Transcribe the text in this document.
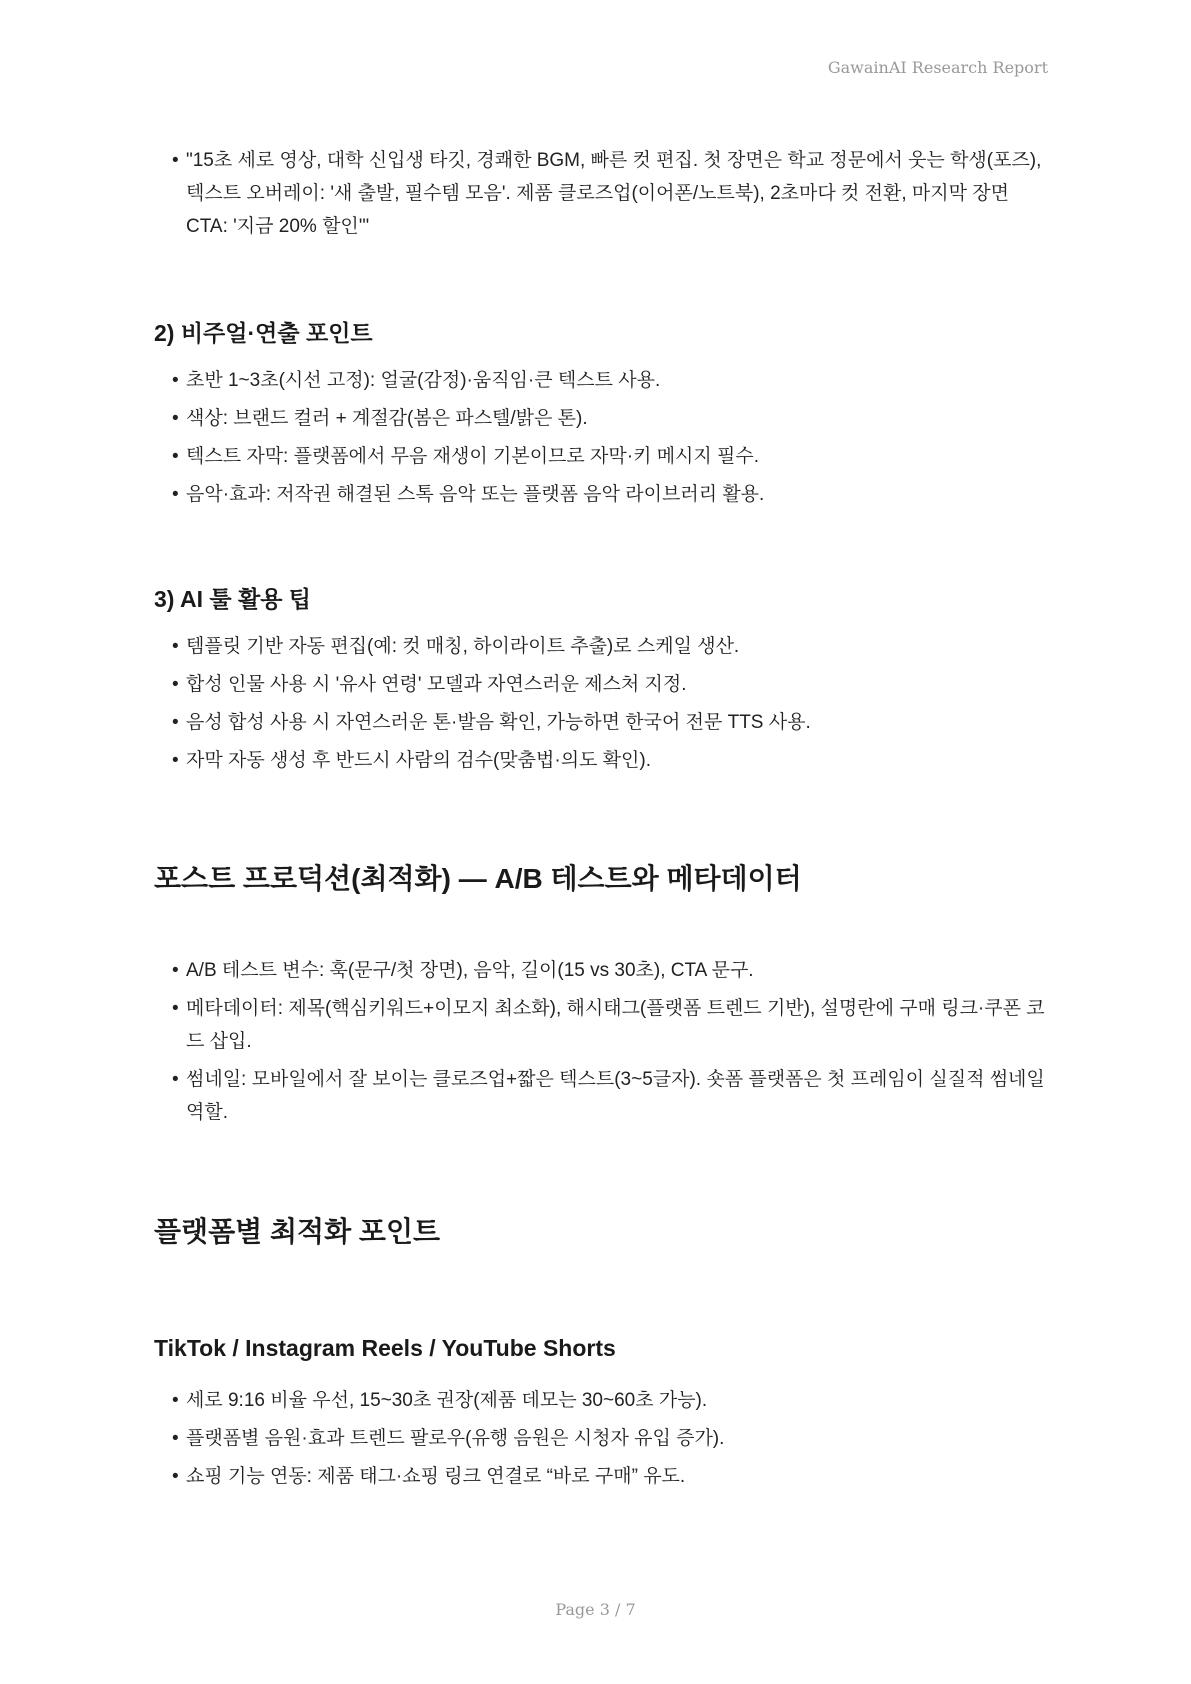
GawainAI Research Report
• "15초 세로 영상, 대학 신입생 타깃, 경쾌한 BGM, 빠른 컷 편집. 첫 장면은 학교 정문에서 웃는 학생(포즈), 텍스트 오버레이: '새 출발, 필수템 모음'. 제품 클로즈업(이어폰/노트북), 2초마다 컷 전환, 마지막 장면 CTA: '지금 20% 할인'"
2) 비주얼·연출 포인트
• 초반 1~3초(시선 고정): 얼굴(감정)·움직임·큰 텍스트 사용.
• 색상: 브랜드 컬러 + 계절감(봄은 파스텔/밝은 톤).
• 텍스트 자막: 플랫폼에서 무음 재생이 기본이므로 자막·키 메시지 필수.
• 음악·효과: 저작권 해결된 스톡 음악 또는 플랫폼 음악 라이브러리 활용.
3) AI 툴 활용 팁
• 템플릿 기반 자동 편집(예: 컷 매칭, 하이라이트 추출)로 스케일 생산.
• 합성 인물 사용 시 '유사 연령' 모델과 자연스러운 제스처 지정.
• 음성 합성 사용 시 자연스러운 톤·발음 확인, 가능하면 한국어 전문 TTS 사용.
• 자막 자동 생성 후 반드시 사람의 검수(맞춤법·의도 확인).
포스트 프로덕션(최적화) — A/B 테스트와 메타데이터
• A/B 테스트 변수: 훅(문구/첫 장면), 음악, 길이(15 vs 30초), CTA 문구.
• 메타데이터: 제목(핵심키워드+이모지 최소화), 해시태그(플랫폼 트렌드 기반), 설명란에 구매 링크·쿠폰 코드 삽입.
• 썸네일: 모바일에서 잘 보이는 클로즈업+짧은 텍스트(3~5글자). 숏폼 플랫폼은 첫 프레임이 실질적 썸네일 역할.
플랫폼별 최적화 포인트
TikTok / Instagram Reels / YouTube Shorts
• 세로 9:16 비율 우선, 15~30초 권장(제품 데모는 30~60초 가능).
• 플랫폼별 음원·효과 트렌드 팔로우(유행 음원은 시청자 유입 증가).
• 쇼핑 기능 연동: 제품 태그·쇼핑 링크 연결로 “바로 구매” 유도.
Page 3 / 7
